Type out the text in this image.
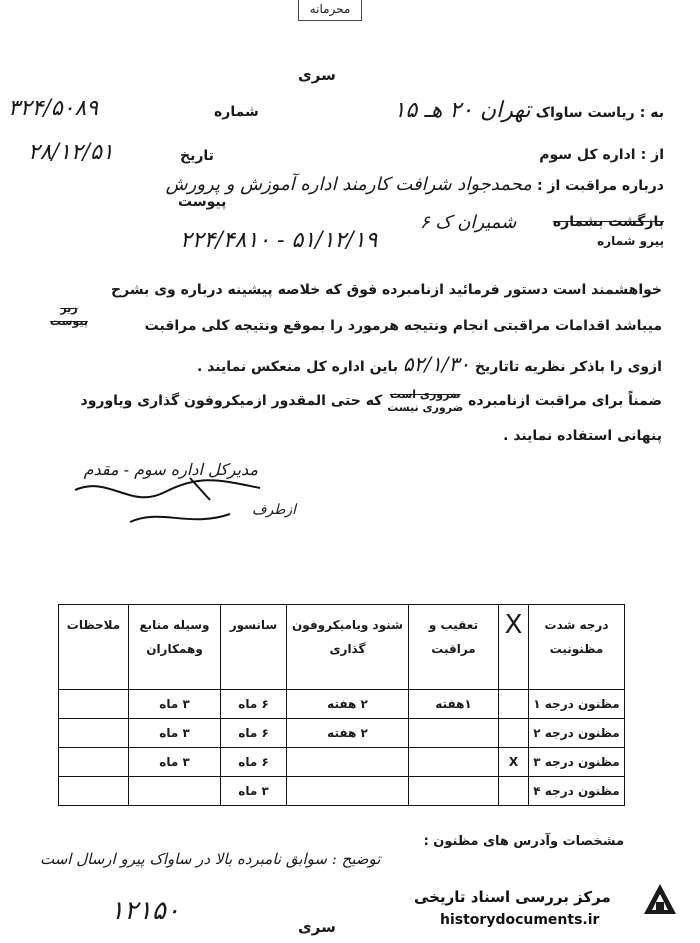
محرمانه
سری
۳۲۴/۵۰۸۹	شماره	به : ریاست ساواک تهران ۲۰ هـ ۱۵
۲۸/۱۲/۵۱	تاریخ	از : اداره کل سوم
پیوست
درباره مراقبت از : محمدجواد شرافت کارمند اداره آموزش و پرورش
شمیران ک ۶	بازگشت بشماره
پیرو شماره
۲۲۴/۴۸۱۰ - ۵۱/۱۲/۱۹
خواهشمند است دستور فرمائید ازنامبرده فوق که خلاصه پیشینه درباره وی بشرح
زیر
پیوست	میباشد اقدامات مراقبتی انجام ونتیجه هرمورد را بموقع ونتیجه کلی مراقبت
ازوی را باذکر نظریه تاتاریخ ۵۲/۱/۳۰ باین اداره کل منعکس نمایند .
ضمناً برای مراقبت ازنامبرده
ضروری است
ضروری نیست
که حتی المقدور ازمیکروفون گذاری ویاورود
پنهانی استفاده نمایند .
مدیرکل اداره سوم - مقدم
ازطرف
درجه شدت مظنونیت	X	تعقیب و مراقبت	شنود ویامیکروفون گذاری	سانسور	وسیله منابع وهمکاران	ملاحظات
مظنون درجه ۱		۱هفته	۲ هفته	۶ ماه	۳ ماه	
مظنون درجه ۲			۲ هفته	۶ ماه	۳ ماه	
مظنون درجه ۳	X			۶ ماه	۳ ماه	
مظنون درجه ۴				۳ ماه		
مشخصات وآدرس های مظنون :
توضیح : سوابق نامبرده بالا در ساواک پیرو ارسال است
۱۲۱۵۰
سری
مرکز بررسی اسناد تاریخی
historydocuments.ir
